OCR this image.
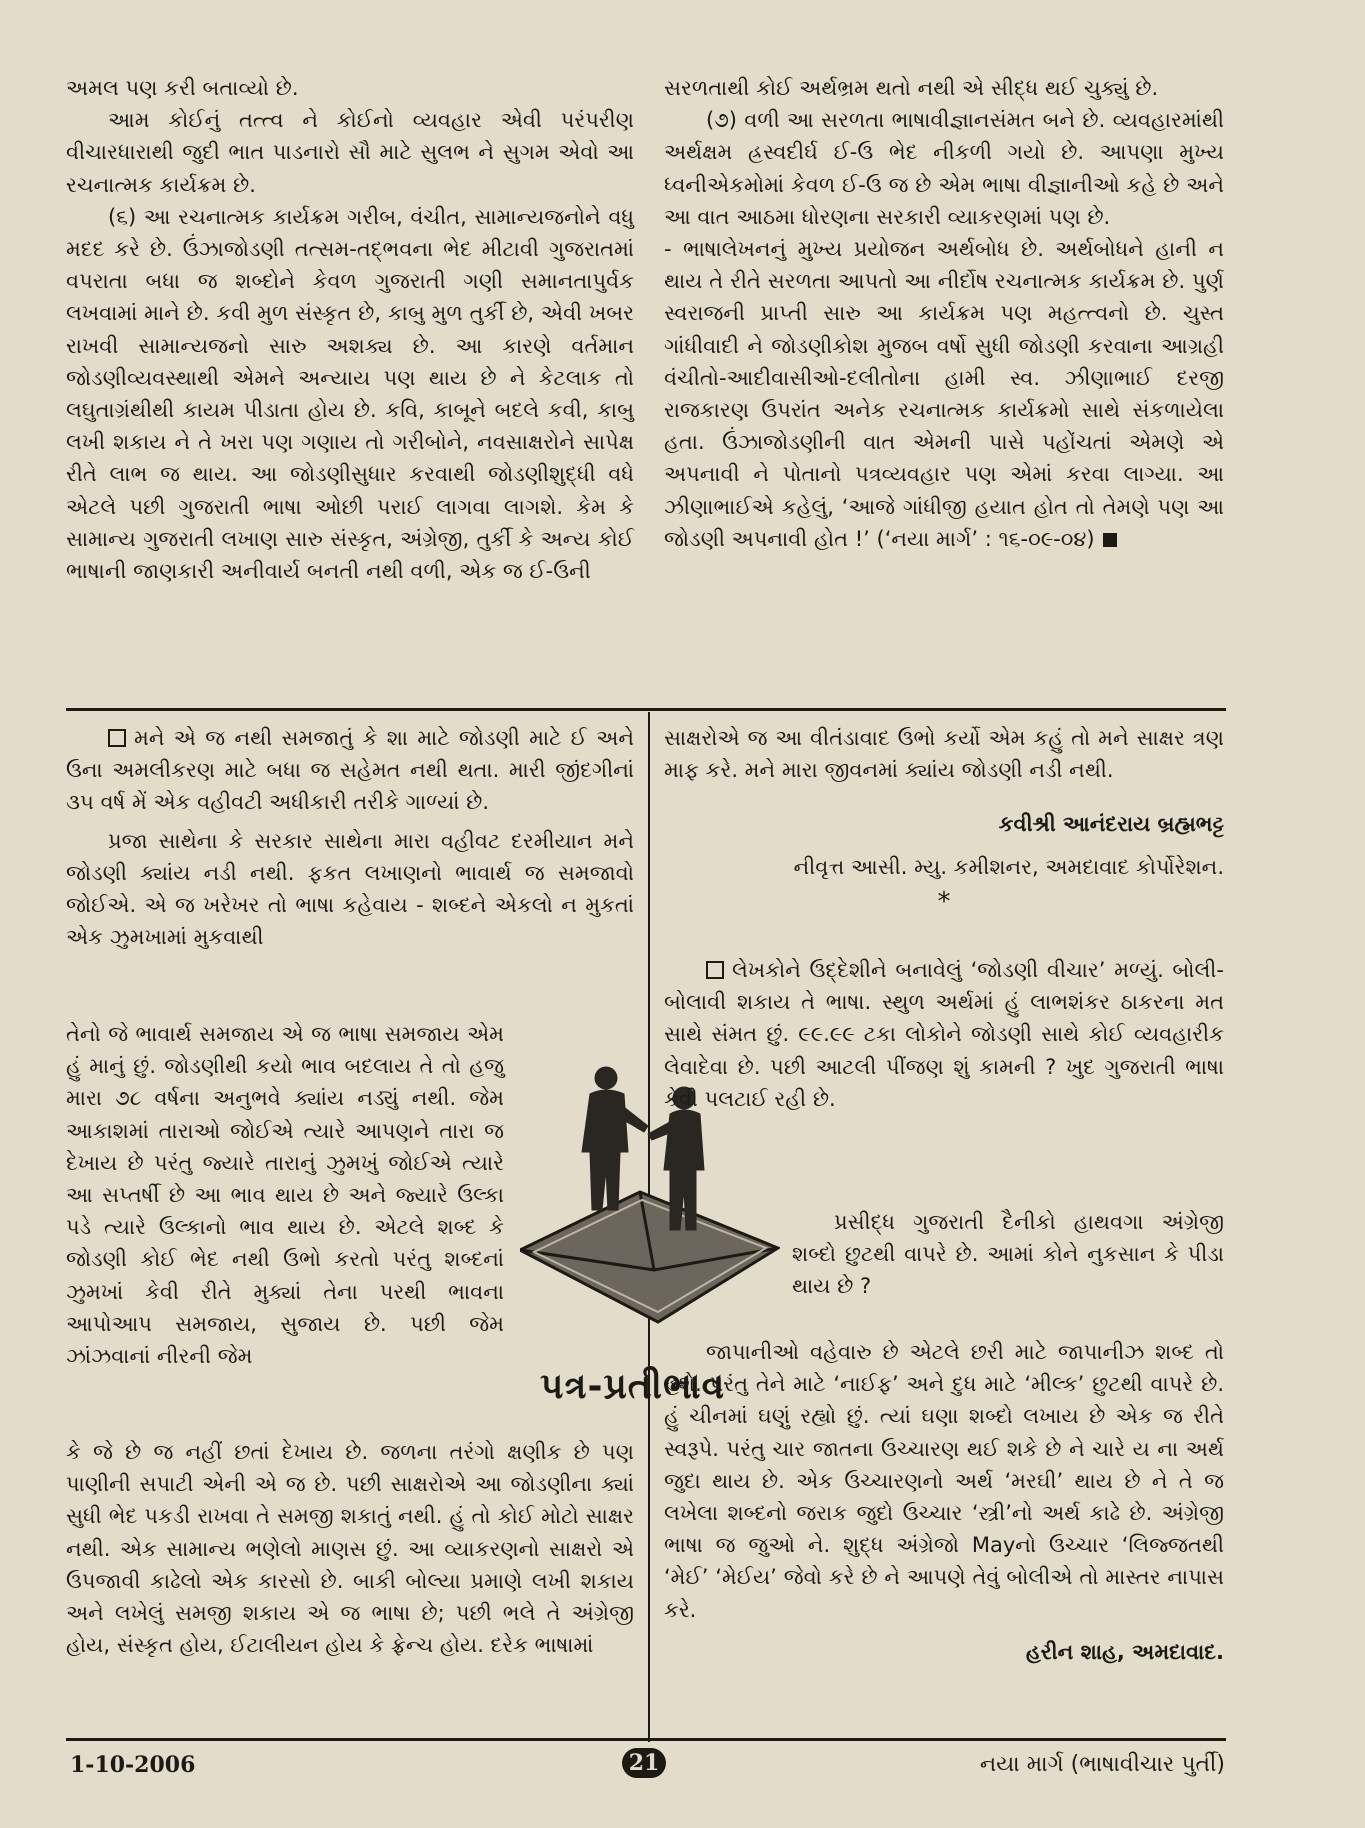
અમલ પણ કરી બતાવ્યો છે.

આમ કોઈનું તત્ત્વ ને કોઈનો વ્યવહાર એવી પરંપરીણ વીચારધારાથી જુદી ભાત પાડનારો સૌ માટે સુલભ ને સુગમ એવો આ રચનાત્મક કાર્યક્રમ છે.

(૬) આ રચનાત્મક કાર્યક્રમ ગરીબ, વંચીત, સામાન્યજનોને વધુ મદદ કરે છે. ઉંઝાજોડણી તત્સમ-તદ્ભવના ભેદ મીટાવી ગુજરાતમાં વપરાતા બધા જ શબ્દોને કેવળ ગુજરાતી ગણી સમાનતાપુર્વક લખવામાં માને છે. કવી મુળ સંસ્કૃત છે, કાબુ મુળ તુર્કી છે, એવી ખબર રાખવી સામાન્યજનો સારુ અશક્ય છે. આ કારણે વર્તમાન જોડણીવ્યવસ્થાથી એમને અન્યાય પણ થાય છે ને કેટલાક તો લઘુતાગ્રંથીથી કાયમ પીડાતા હોય છે. કવિ, કાબૂને બદલે કવી, કાબુ લખી શકાય ને તે ખરા પણ ગણાય તો ગરીબોને, નવસાક્ષરોને સાપેક્ષ રીતે લાભ જ થાય. આ જોડણીસુધાર કરવાથી જોડણીશુદ્ધી વધે એટલે પછી ગુજરાતી ભાષા ઓછી પરાઈ લાગવા લાગશે. કેમ કે સામાન્ય ગુજરાતી લખાણ સારુ સંસ્કૃત, અંગ્રેજી, તુર્કી કે અન્ય કોઈ ભાષાની જાણકારી અનીવાર્ય બનતી નથી વળી, એક જ ઈ-ઉની

સરળતાથી કોઈ અર્થભ્રમ થતો નથી એ સીદ્ધ થઈ ચુક્યું છે.

(૭) વળી આ સરળતા ભાષાવીજ્ઞાનસંમત બને છે. વ્યવહારમાંથી અર્થક્ષમ હ્રસ્વદીર્ઘ ઈ-ઉ ભેદ નીકળી ગયો છે. આપણા મુખ્ય ધ્વનીએકમોમાં કેવળ ઈ-ઉ જ છે એમ ભાષા વીજ્ઞાનીઓ કહે છે અને આ વાત આઠમા ધોરણના સરકારી વ્યાકરણમાં પણ છે.

- ભાષાલેખનનું મુખ્ય પ્રયોજન અર્થબોધ છે. અર્થબોધને હાની ન થાય તે રીતે સરળતા આપતો આ નીર્દોષ રચનાત્મક કાર્યક્રમ છે. પુર્ણ સ્વરાજની પ્રાપ્તી સારુ આ કાર્યક્રમ પણ મહત્ત્વનો છે. ચુસ્ત ગાંધીવાદી ને જોડણીકોશ મુજબ વર્ષો સુધી જોડણી કરવાના આગ્રહી વંચીતો-આદીવાસીઓ-દલીતોના હામી સ્વ. ઝીણાભાઈ દરજી રાજકારણ ઉપરાંત અનેક રચનાત્મક કાર્યક્રમો સાથે સંકળાયેલા હતા. ઉંઝાજોડણીની વાત એમની પાસે પહોંચતાં એમણે એ અપનાવી ને પોતાનો પત્રવ્યવહાર પણ એમાં કરવા લાગ્યા. આ ઝીણાભાઈએ કહેલું, ‘આજે ગાંધીજી હયાત હોત તો તેમણે પણ આ જોડણી અપનાવી હોત !’ (‘નયા માર્ગ’ : ૧૬-૦૯-૦૪)

મને એ જ નથી સમજાતું કે શા માટે જોડણી માટે ઈ અને ઉના અમલીકરણ માટે બધા જ સહેમત નથી થતા. મારી જીંદગીનાં ૩૫ વર્ષ મેં એક વહીવટી અધીકારી તરીકે ગાળ્યાં છે.

પ્રજા સાથેના કે સરકાર સાથેના મારા વહીવટ દરમીયાન મને જોડણી ક્યાંય નડી નથી. ફકત લખાણનો ભાવાર્થ જ સમજાવો જોઈએ. એ જ ખરેખર તો ભાષા કહેવાય - શબ્દને એકલો ન મુકતાં એક ઝુમખામાં મુકવાથી

તેનો જે ભાવાર્થ સમજાય એ જ ભાષા સમજાય એમ હું માનું છું. જોડણીથી કયો ભાવ બદલાય તે તો હજુ મારા ૭૮ વર્ષના અનુભવે ક્યાંય નડ્યું નથી. જેમ આકાશમાં તારાઓ જોઈએ ત્યારે આપણને તારા જ દેખાય છે પરંતુ જ્યારે તારાનું ઝુમખું જોઈએ ત્યારે આ સપ્તર્ષી છે આ ભાવ થાય છે અને જ્યારે ઉલ્કા પડે ત્યારે ઉલ્કાનો ભાવ થાય છે. એટલે શબ્દ કે જોડણી કોઈ ભેદ નથી ઉભો કરતો પરંતુ શબ્દનાં ઝુમખાં કેવી રીતે મુક્યાં તેના પરથી ભાવના આપોઆપ સમજાય, સુજાય છે. પછી જેમ ઝાંઝવાનાં નીરની જેમ

કે જે છે જ નહીં છતાં દેખાય છે. જળના તરંગો ક્ષણીક છે પણ પાણીની સપાટી એની એ જ છે. પછી સાક્ષરોએ આ જોડણીના ક્યાં સુધી ભેદ પકડી રાખવા તે સમજી શકાતું નથી. હું તો કોઈ મોટો સાક્ષર નથી. એક સામાન્ય ભણેલો માણસ છું. આ વ્યાકરણનો સાક્ષરો એ ઉપજાવી કાઢેલો એક કારસો છે. બાકી બોલ્યા પ્રમાણે લખી શકાય અને લખેલું સમજી શકાય એ જ ભાષા છે; પછી ભલે તે અંગ્રેજી હોય, સંસ્કૃત હોય, ઈટાલીયન હોય કે ફ્રેન્ચ હોય. દરેક ભાષામાં

પત્ર-પ્રતીભાવ

સાક્ષરોએ જ આ વીતંડાવાદ ઉભો કર્યો એમ કહું તો મને સાક્ષર ત્રણ માફ કરે. મને મારા જીવનમાં ક્યાંય જોડણી નડી નથી.

કવીશ્રી આનંદરાય બ્રહ્મભટ્ટ

નીવૃત્ત આસી. મ્યુ. કમીશનર, અમદાવાદ કોર્પોરેશન.

*

લેખકોને ઉદ્દેશીને બનાવેલું ‘જોડણી વીચાર’ મળ્યું. બોલી-બોલાવી શકાય તે ભાષા. સ્થુળ અર્થમાં હું લાભશંકર ઠાકરના મત સાથે સંમત છું. ૯૯.૯૯ ટકા લોકોને જોડણી સાથે કોઈ વ્યવહારીક લેવાદેવા છે. પછી આટલી પીંજણ શું કામની ? ખુદ ગુજરાતી ભાષા કેવી પલટાઈ રહી છે.

પ્રસીદ્ધ ગુજરાતી દૈનીકો હાથવગા અંગ્રેજી શબ્દો છુટથી વાપરે છે. આમાં કોને નુકસાન કે પીડા થાય છે ?

જાપાનીઓ વહેવારુ છે એટલે છરી માટે જાપાનીઝ શબ્દ તો હશે. પરંતુ તેને માટે ‘નાઈફ’ અને દુધ માટે ‘મીલ્ક’ છુટથી વાપરે છે. હું ચીનમાં ઘણું રહ્યો છું. ત્યાં ઘણા શબ્દો લખાય છે એક જ રીતે સ્વરૂપે. પરંતુ ચાર જાતના ઉચ્ચારણ થઈ શકે છે ને ચારે ય ના અર્થ જુદા થાય છે. એક ઉચ્ચારણનો અર્થ ‘મરઘી’ થાય છે ને તે જ લખેલા શબ્દનો જરાક જુદો ઉચ્ચાર ‘સ્ત્રી’નો અર્થ કાઢે છે. અંગ્રેજી ભાષા જ જુઓ ને. શુદ્ધ અંગ્રેજો Mayનો ઉચ્ચાર ‘લિજ્જતથી ‘મેઈ’ ‘મેઈય’ જેવો કરે છે ને આપણે તેવું બોલીએ તો માસ્તર નાપાસ કરે.

હરીન શાહ, અમદાવાદ.

1-10-2006	21	નયા માર્ગ (ભાષાવીચાર પુર્તી)
